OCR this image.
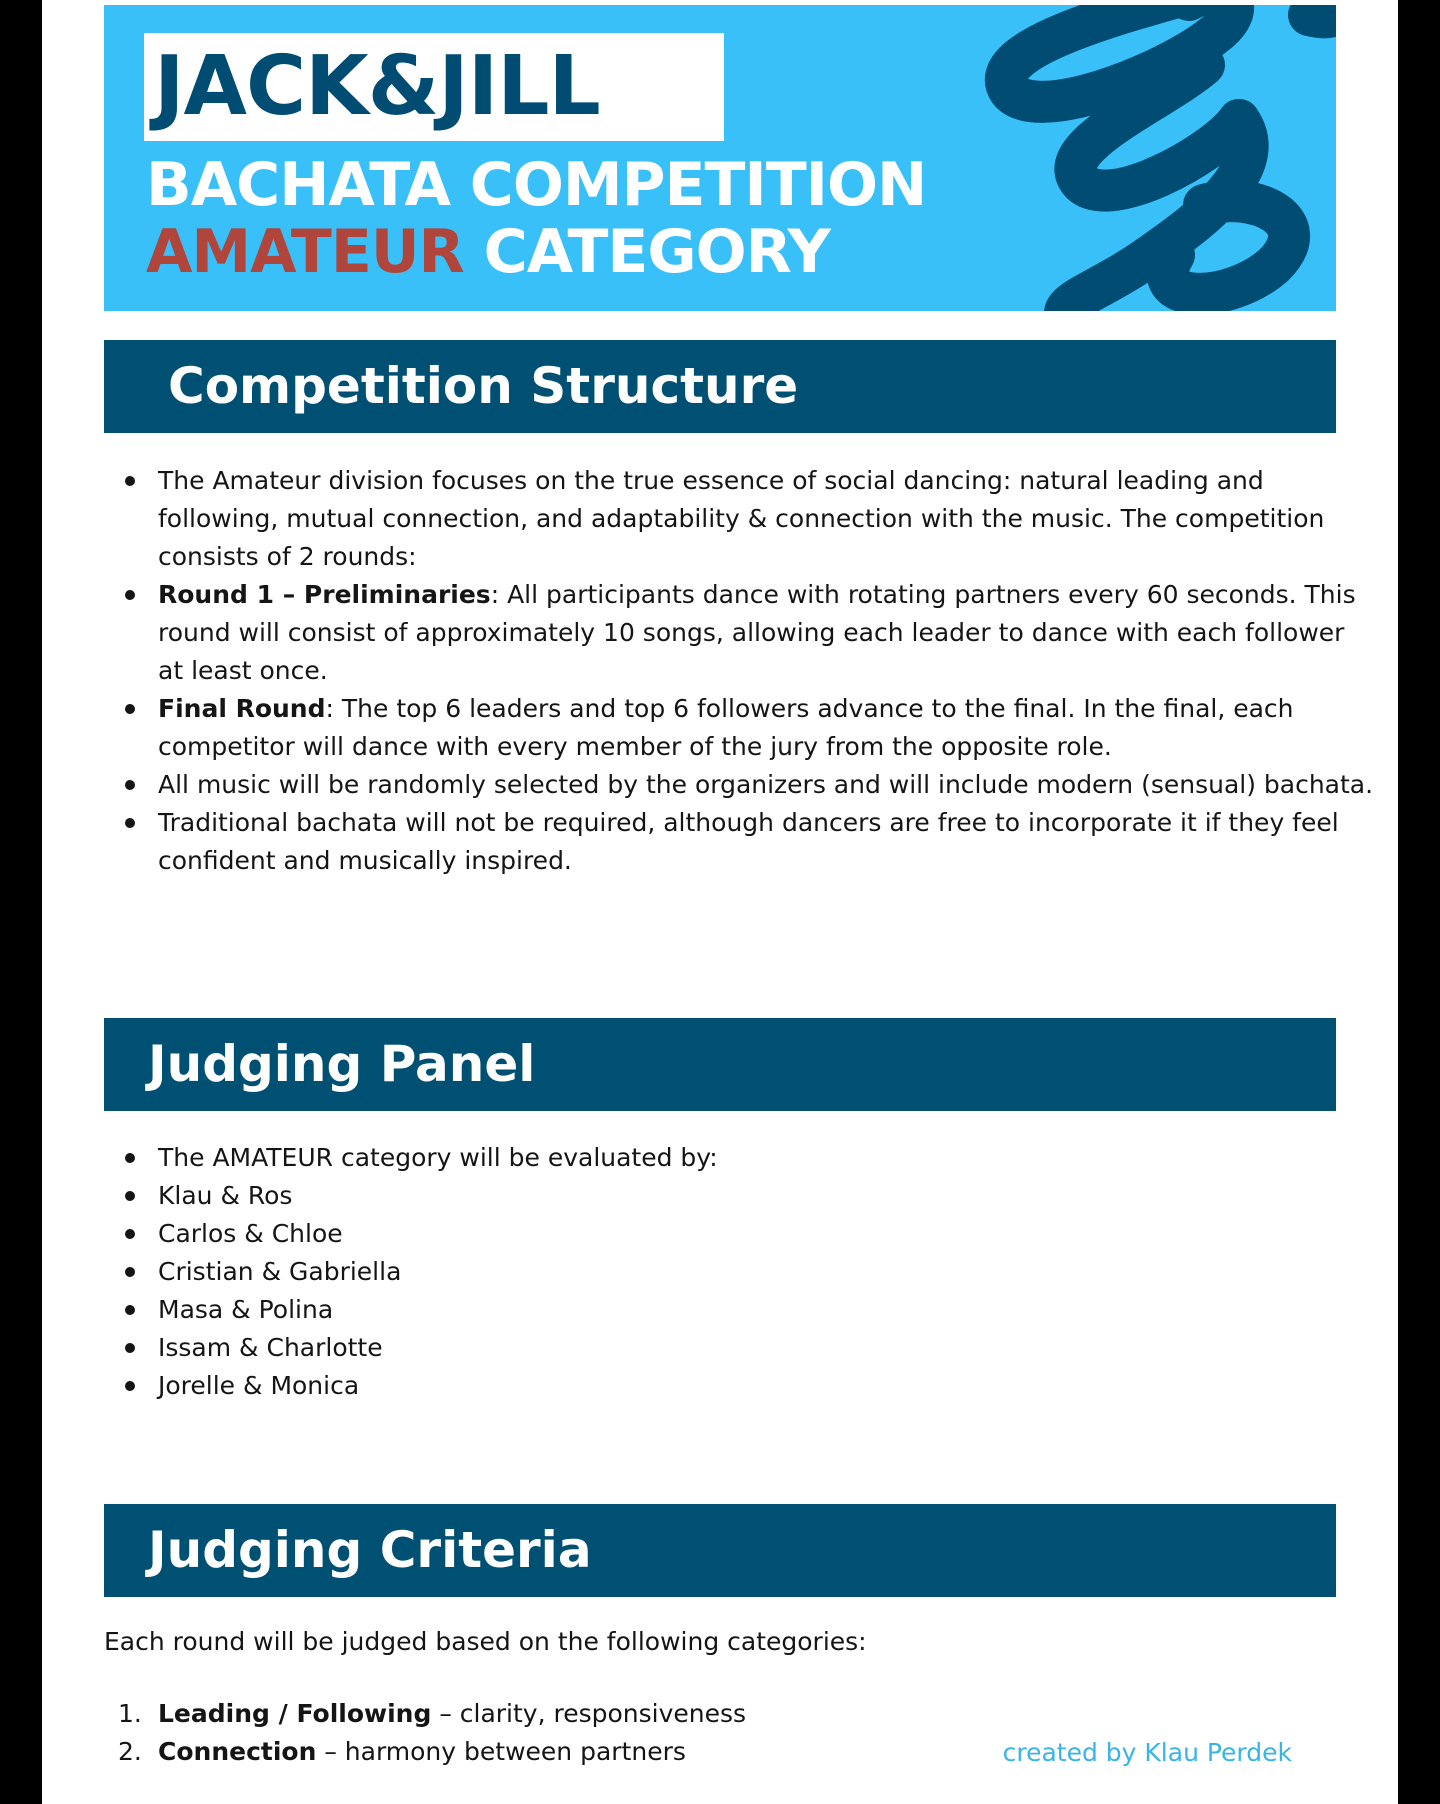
JACK&JILL
BACHATA COMPETITION
AMATEUR CATEGORY
Competition Structure
The Amateur division focuses on the true essence of social dancing: natural leading and following, mutual connection, and adaptability & connection with the music. The competition consists of 2 rounds:
Round 1 – Preliminaries: All participants dance with rotating partners every 60 seconds. This round will consist of approximately 10 songs, allowing each leader to dance with each follower at least once.
Final Round: The top 6 leaders and top 6 followers advance to the final. In the final, each competitor will dance with every member of the jury from the opposite role.
All music will be randomly selected by the organizers and will include modern (sensual) bachata.
Traditional bachata will not be required, although dancers are free to incorporate it if they feel confident and musically inspired.
Judging Panel
The AMATEUR category will be evaluated by:
Klau & Ros
Carlos & Chloe
Cristian & Gabriella
Masa & Polina
Issam & Charlotte
Jorelle & Monica
Judging Criteria
Each round will be judged based on the following categories:
1. Leading / Following – clarity, responsiveness
2. Connection – harmony between partners	created by Klau Perdek
